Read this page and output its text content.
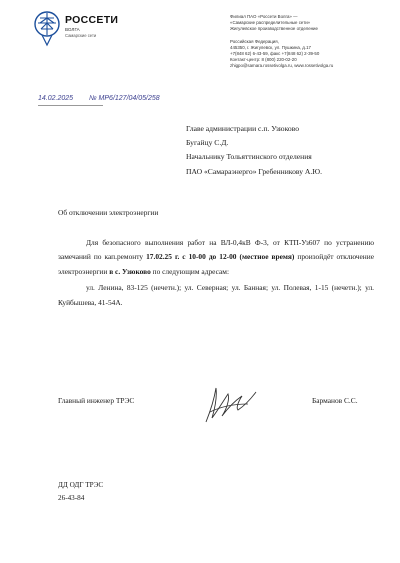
РОССЕТИ
ВОЛГА
Самарские сети
Филиал ПАО «Россети Волга» —
«Самарские распределительные сети»
Жигулевское производственное отделение
Российская Федерация,
445350, г. Жигулевск, ул. Пушкина, д.17
+7(848 62) 6-43-59, факс +7(848 62) 2-39-50
Контакт-центр: 8 (800) 220-02-20
zhigpo@samara.rossetivolga.ru, www.rossetivolga.ru
14.02.2025 № МР6/127/04/05/258
Главе администрации с.п. Узюково
Бугайцу С.Д.
Начальнику Тольяттинского отделения
ПАО «Самараэнерго» Гребенникову А.Ю.
Об отключении электроэнергии

Для безопасного выполнения работ на ВЛ-0,4кВ Ф-3, от КТП-Уз607 по устранению замечаний по кап.ремонту 17.02.25 г. с 10-00 до 12-00 (местное время) произойдёт отключение электроэнергии в с. Узюково по следующим адресам:

ул. Ленина, 83-125 (нечетн.); ул. Северная; ул. Банная; ул. Полевая, 1-15 (нечетн.); ул. Куйбышева, 41-54А.

Главный инженер ТРЭС	Барманов С.С.
ДД ОДГ ТРЭС
26-43-84
